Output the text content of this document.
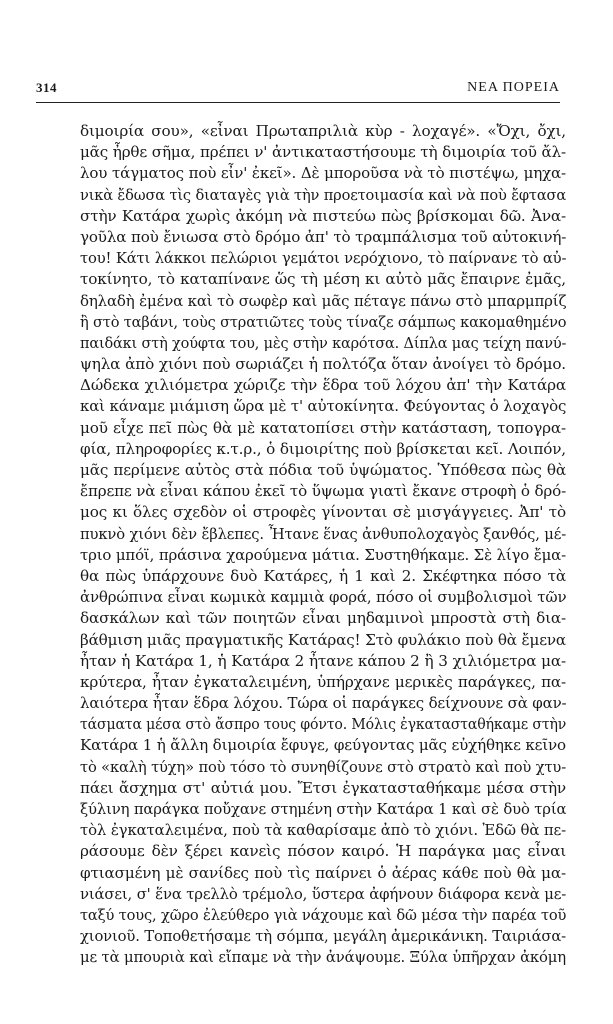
314	ΝΕΑ ΠΟΡΕΙΑ
διμοιρία σου», «εἶναι Πρωταπριλιὰ κὺρ - λοχαγέ». «Ὄχι, ὄχι,
μᾶς ἦρθε σῆμα, πρέπει ν' ἀντικαταστήσουμε τὴ διμοιρία τοῦ ἄλ-
λου τάγματος ποὺ εἶν' ἐκεῖ». Δὲ μποροῦσα νὰ τὸ πιστέψω, μηχα-
νικὰ ἔδωσα τὶς διαταγὲς γιὰ τὴν προετοιμασία καὶ νὰ ποὺ ἔφτασα
στὴν Κατάρα χωρὶς ἀκόμη νὰ πιστεύω πὼς βρίσκομαι δῶ. Ἀνα-
γοῦλα ποὺ ἔνιωσα στὸ δρόμο ἀπ' τὸ τραμπάλισμα τοῦ αὐτοκινή-
του! Κάτι λάκκοι πελώριοι γεμάτοι νερόχιονο, τὸ παίρνανε τὸ αὐ-
τοκίνητο, τὸ καταπίνανε ὥς τὴ μέση κι αὐτὸ μᾶς ἔπαιρνε ἐμᾶς,
δηλαδὴ ἐμένα καὶ τὸ σωφὲρ καὶ μᾶς πέταγε πάνω στὸ μπαρμπρίζ
ἢ στὸ ταβάνι, τοὺς στρατιῶτες τοὺς τίναζε σάμπως κακομαθημένο
παιδάκι στὴ χούφτα του, μὲς στὴν καρότσα. Δίπλα μας τείχη πανύ-
ψηλα ἀπὸ χιόνι ποὺ σωριάζει ἡ πολτόζα ὅταν ἀνοίγει τὸ δρόμο.
Δώδεκα χιλιόμετρα χώριζε τὴν ἕδρα τοῦ λόχου ἀπ' τὴν Κατάρα
καὶ κάναμε μιάμιση ὥρα μὲ τ' αὐτοκίνητα. Φεύγοντας ὁ λοχαγὸς
μοῦ εἶχε πεῖ πὼς θὰ μὲ κατατοπίσει στὴν κατάσταση, τοπογρα-
φία, πληροφορίες κ.τ.ρ., ὁ διμοιρίτης ποὺ βρίσκεται κεῖ. Λοιπόν,
μᾶς περίμενε αὐτὸς στὰ πόδια τοῦ ὑψώματος. Ὑπόθεσα πὼς θὰ
ἔπρεπε νὰ εἶναι κάπου ἐκεῖ τὸ ὕψωμα γιατὶ ἔκανε στροφὴ ὁ δρό-
μος κι ὅλες σχεδὸν οἱ στροφὲς γίνονται σὲ μισγάγγειες. Ἀπ' τὸ
πυκνὸ χιόνι δὲν ἔβλεπες. Ἦτανε ἕνας ἀνθυπολοχαγὸς ξανθός, μέ-
τριο μπόϊ, πράσινα χαρούμενα μάτια. Συστηθήκαμε. Σὲ λίγο ἔμα-
θα πὼς ὑπάρχουνε δυὸ Κατάρες, ἡ 1 καὶ 2. Σκέφτηκα πόσο τὰ
ἀνθρώπινα εἶναι κωμικὰ καμμιὰ φορά, πόσο οἱ συμβολισμοὶ τῶν
δασκάλων καὶ τῶν ποιητῶν εἶναι μηδαμινοὶ μπροστὰ στὴ δια-
βάθμιση μιᾶς πραγματικῆς Κατάρας! Στὸ φυλάκιο ποὺ θὰ ἔμενα
ἦταν ἡ Κατάρα 1, ἡ Κατάρα 2 ἦτανε κάπου 2 ἢ 3 χιλιόμετρα μα-
κρύτερα, ἦταν ἐγκαταλειμένη, ὑπήρχανε μερικὲς παράγκες, πα-
λαιότερα ἦταν ἕδρα λόχου. Τώρα οἱ παράγκες δείχνουνε σὰ φαν-
τάσματα μέσα στὸ ἄσπρο τους φόντο. Μόλις ἐγκατασταθήκαμε στὴν
Κατάρα 1 ἡ ἄλλη διμοιρία ἔφυγε, φεύγοντας μᾶς εὐχήθηκε κεῖνο
τὸ «καλὴ τύχη» ποὺ τόσο τὸ συνηθίζουνε στὸ στρατὸ καὶ ποὺ χτυ-
πάει ἄσχημα στ' αὐτιά μου. Ἔτσι ἐγκατασταθήκαμε μέσα στὴν
ξύλινη παράγκα ποὔχανε στημένη στὴν Κατάρα 1 καὶ σὲ δυὸ τρία
τὸλ ἐγκαταλειμένα, ποὺ τὰ καθαρίσαμε ἀπὸ τὸ χιόνι. Ἐδῶ θὰ πε-
ράσουμε δὲν ξέρει κανεὶς πόσον καιρό. Ἡ παράγκα μας εἶναι
φτιασμένη μὲ σανίδες ποὺ τὶς παίρνει ὁ ἀέρας κάθε ποὺ θὰ μα-
νιάσει, σ' ἕνα τρελλὸ τρέμολο, ὕστερα ἀφήνουν διάφορα κενὰ με-
ταξύ τους, χῶρο ἐλεύθερο γιὰ νάχουμε καὶ δῶ μέσα τὴν παρέα τοῦ
χιονιοῦ. Τοποθετήσαμε τὴ σόμπα, μεγάλη ἀμερικάνικη. Ταιριάσα-
με τὰ μπουριὰ καὶ εἴπαμε νὰ τὴν ἀνάψουμε. Ξύλα ὑπῆρχαν ἀκόμη
